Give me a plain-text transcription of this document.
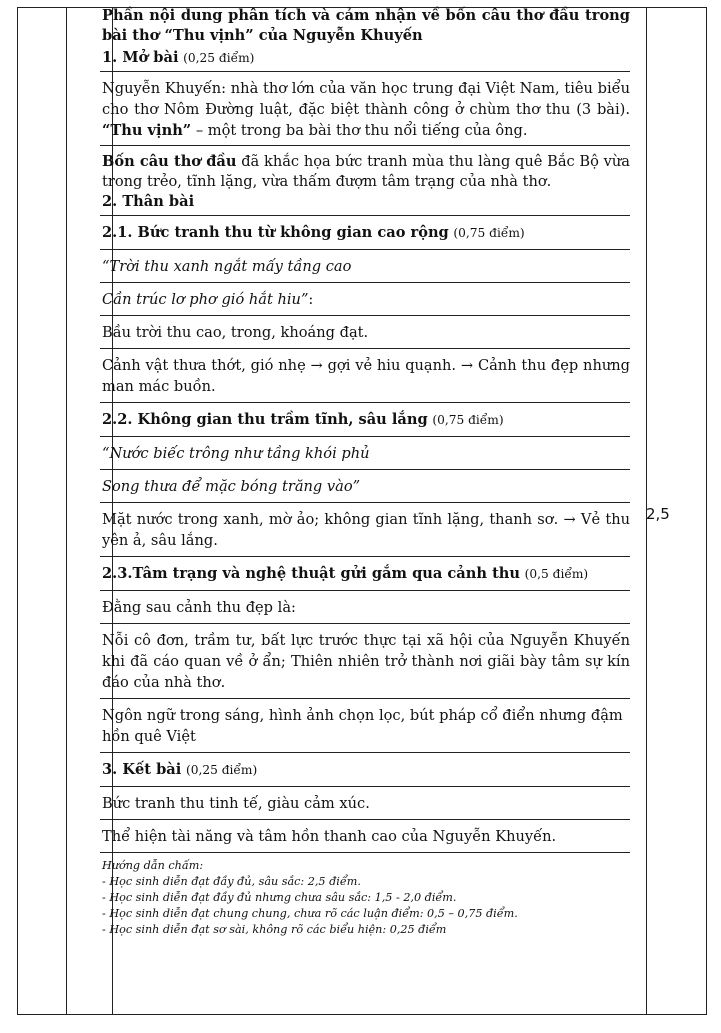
Phần nội dung phân tích và cảm nhận về bốn câu thơ đầu trong bài thơ “Thu vịnh” của Nguyễn Khuyến
1. Mở bài (0,25 điểm)
Nguyễn Khuyến: nhà thơ lớn của văn học trung đại Việt Nam, tiêu biểu cho thơ Nôm Đường luật, đặc biệt thành công ở chùm thơ thu (3 bài). “Thu vịnh” – một trong ba bài thơ thu nổi tiếng của ông.
Bốn câu thơ đầu đã khắc họa bức tranh mùa thu làng quê Bắc Bộ vừa trong trẻo, tĩnh lặng, vừa thấm đượm tâm trạng của nhà thơ.
2. Thân bài
2.1. Bức tranh thu từ không gian cao rộng (0,75 điểm)
“Trời thu xanh ngắt mấy tầng cao
Cần trúc lơ phơ gió hắt hiu”:
Bầu trời thu cao, trong, khoáng đạt.
Cảnh vật thưa thớt, gió nhẹ → gợi vẻ hiu quạnh. → Cảnh thu đẹp nhưng man mác buồn.
2.2. Không gian thu trầm tĩnh, sâu lắng (0,75 điểm)
“Nước biếc trông như tầng khói phủ
Song thưa để mặc bóng trăng vào”
Mặt nước trong xanh, mờ ảo; không gian tĩnh lặng, thanh sơ. → Vẻ thu yên ả, sâu lắng.
2.3.Tâm trạng và nghệ thuật gửi gắm qua cảnh thu (0,5 điểm)
Đằng sau cảnh thu đẹp là:
Nỗi cô đơn, trầm tư, bất lực trước thực tại xã hội của Nguyễn Khuyến khi đã cáo quan về ở ẩn; Thiên nhiên trở thành nơi giãi bày tâm sự kín đáo của nhà thơ.
Ngôn ngữ trong sáng, hình ảnh chọn lọc, bút pháp cổ điển nhưng đậm hồn quê Việt
3. Kết bài (0,25 điểm)
Bức tranh thu tinh tế, giàu cảm xúc.
Thể hiện tài năng và tâm hồn thanh cao của Nguyễn Khuyến.
Hướng dẫn chấm:
- Học sinh diễn đạt đầy đủ, sâu sắc: 2,5 điểm.
- Học sinh diễn đạt đầy đủ nhưng chưa sâu sắc: 1,5 - 2,0 điểm.
- Học sinh diễn đạt chung chung, chưa rõ các luận điểm: 0,5 – 0,75 điểm.
- Học sinh diễn đạt sơ sài, không rõ các biểu hiện: 0,25 điểm
2,5
